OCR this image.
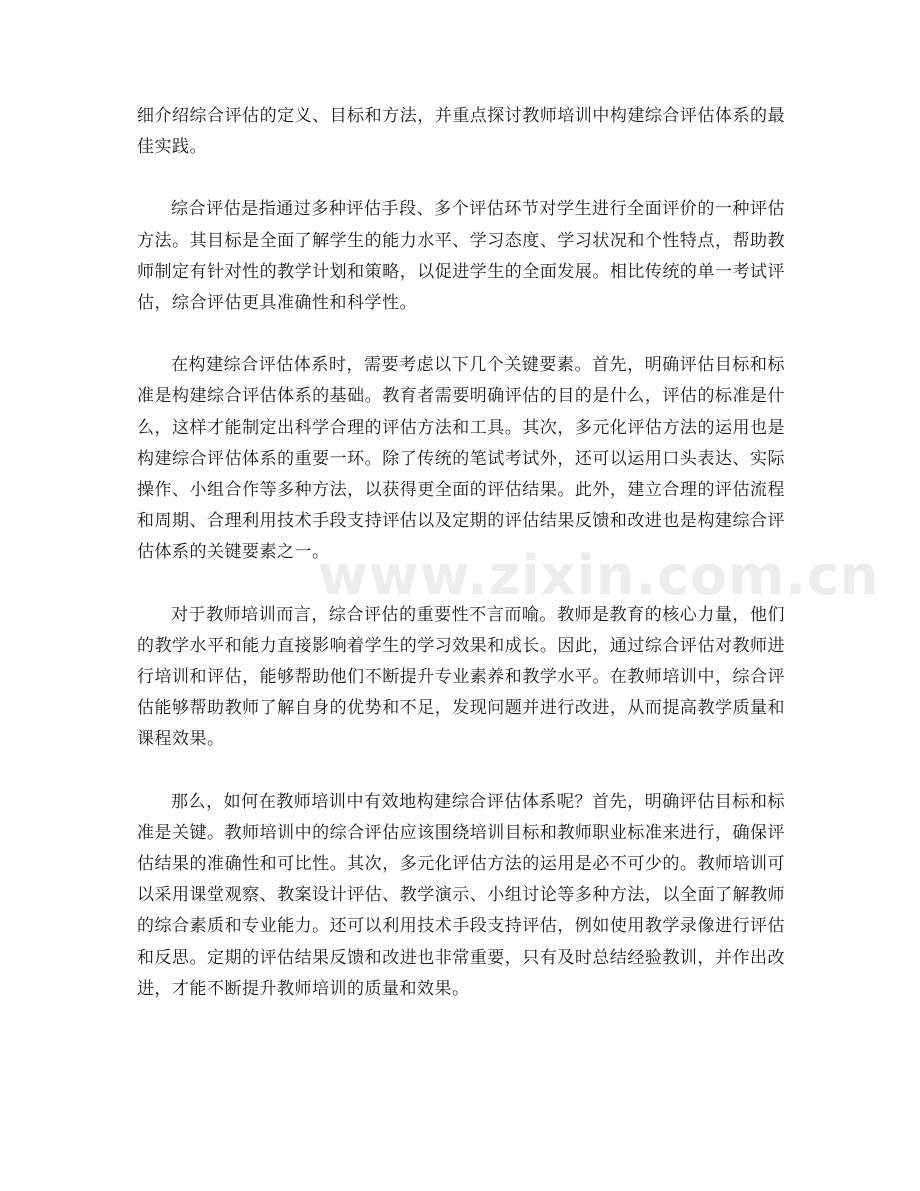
细介绍综合评估的定义、目标和方法，并重点探讨教师培训中构建综合评估体系的最佳实践。

综合评估是指通过多种评估手段、多个评估环节对学生进行全面评价的一种评估方法。其目标是全面了解学生的能力水平、学习态度、学习状况和个性特点，帮助教师制定有针对性的教学计划和策略，以促进学生的全面发展。相比传统的单一考试评估，综合评估更具准确性和科学性。

在构建综合评估体系时，需要考虑以下几个关键要素。首先，明确评估目标和标准是构建综合评估体系的基础。教育者需要明确评估的目的是什么，评估的标准是什么，这样才能制定出科学合理的评估方法和工具。其次，多元化评估方法的运用也是构建综合评估体系的重要一环。除了传统的笔试考试外，还可以运用口头表达、实际操作、小组合作等多种方法，以获得更全面的评估结果。此外，建立合理的评估流程和周期、合理利用技术手段支持评估以及定期的评估结果反馈和改进也是构建综合评估体系的关键要素之一。

对于教师培训而言，综合评估的重要性不言而喻。教师是教育的核心力量，他们的教学水平和能力直接影响着学生的学习效果和成长。因此，通过综合评估对教师进行培训和评估，能够帮助他们不断提升专业素养和教学水平。在教师培训中，综合评估能够帮助教师了解自身的优势和不足，发现问题并进行改进，从而提高教学质量和课程效果。

那么，如何在教师培训中有效地构建综合评估体系呢？首先，明确评估目标和标准是关键。教师培训中的综合评估应该围绕培训目标和教师职业标准来进行，确保评估结果的准确性和可比性。其次，多元化评估方法的运用是必不可少的。教师培训可以采用课堂观察、教案设计评估、教学演示、小组讨论等多种方法，以全面了解教师的综合素质和专业能力。还可以利用技术手段支持评估，例如使用教学录像进行评估和反思。定期的评估结果反馈和改进也非常重要，只有及时总结经验教训，并作出改进，才能不断提升教师培训的质量和效果。

www.zixin.com.cn
